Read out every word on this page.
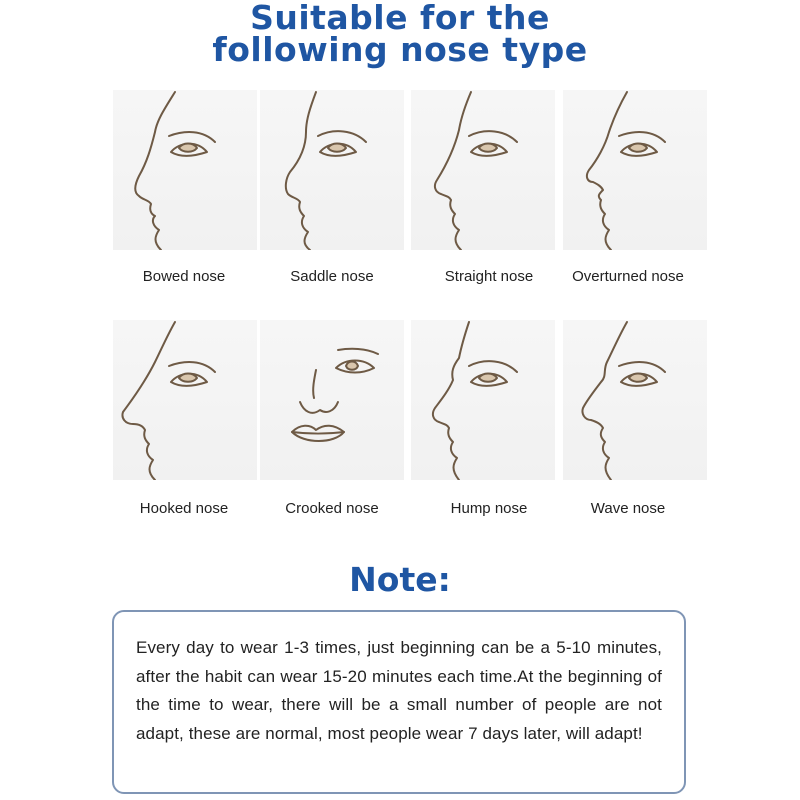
Suitable for the
following nose type
Bowed nose	Saddle nose	Straight nose	Overturned nose
Hooked nose	Crooked nose	Hump nose	Wave nose
Note:
Every day to wear 1-3 times, just beginning can be a 5-10 minutes, after the habit can wear 15-20 minutes each time.At the beginning of the time to wear, there will be a small number of people are not adapt, these are normal, most people wear 7 days later, will adapt!
